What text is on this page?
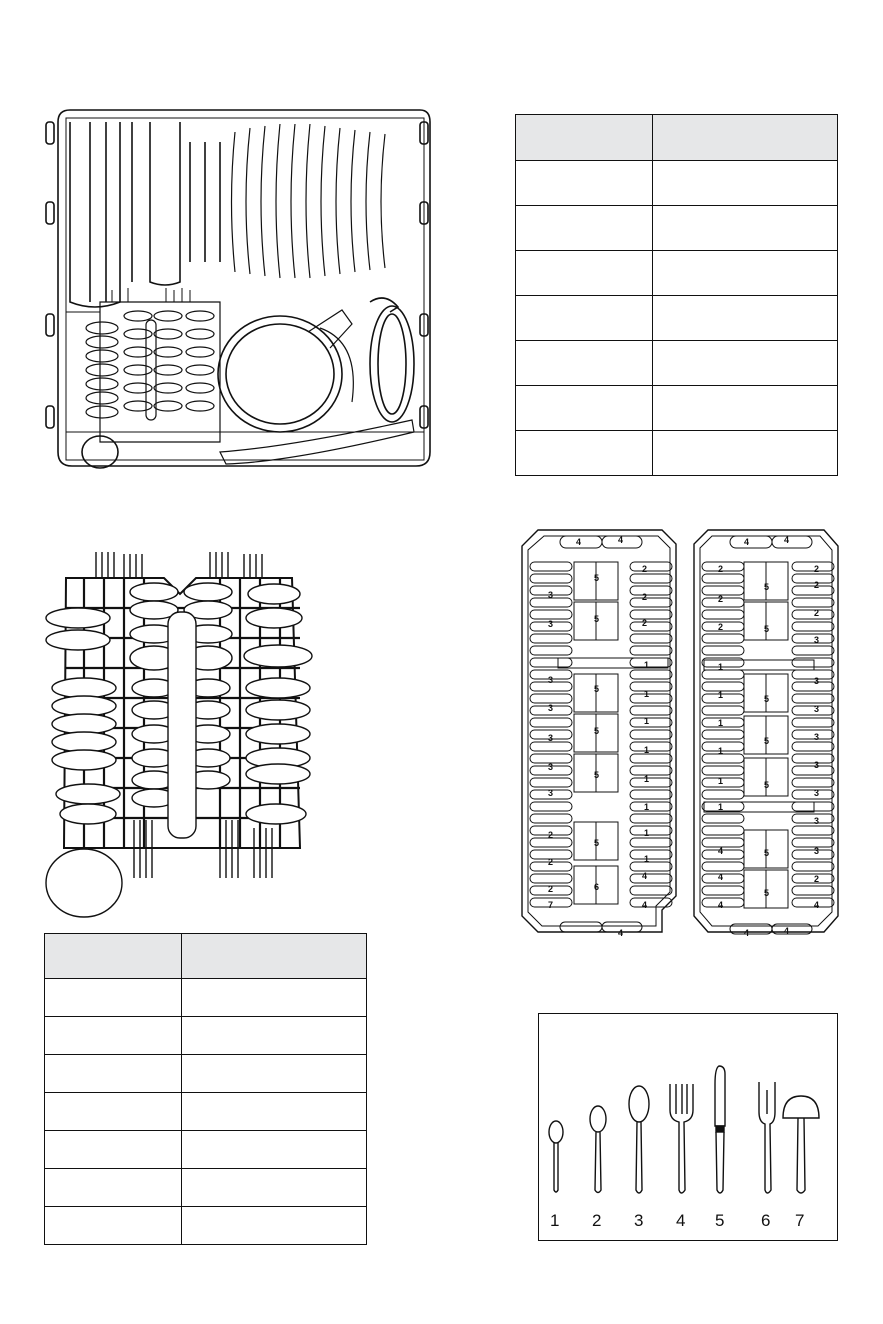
4	4
5
2
3	2
3	5	2
1
3
5	1
3
1
3
5
1
3
1
3
5
1
2	1
2
5
1
2	6
4
7	4
4
4	4
2
5
2
2
2
2	5
2
3
1
1	5
3
3
1
5	3
1
3
1	5
3
3
1
4	5	3
4
5
2
4	4
4	4

1 2 3 4 5 6 7
